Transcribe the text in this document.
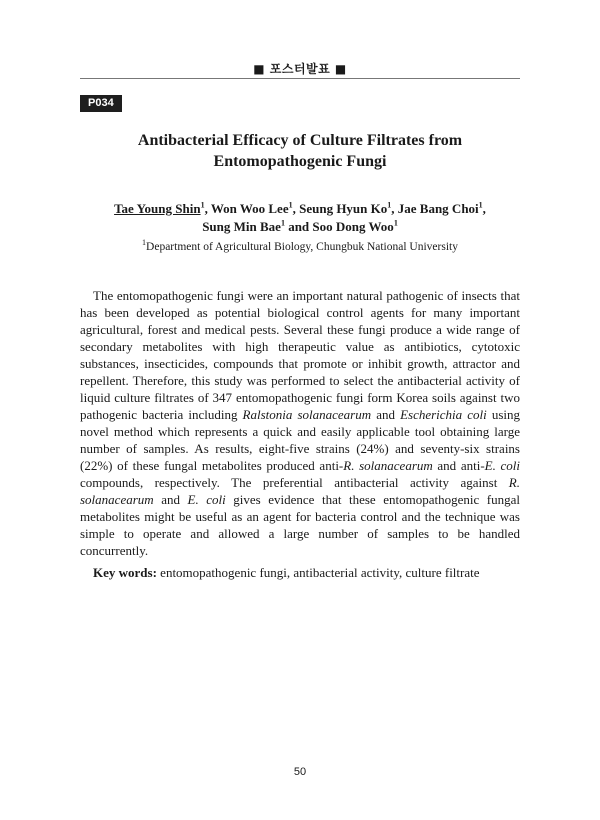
■ 포스터발표 ■
P034
Antibacterial Efficacy of Culture Filtrates from
Entomopathogenic Fungi
Tae Young Shin$^1$, Won Woo Lee$^1$, Seung Hyun Ko$^1$, Jae Bang Choi$^1$,
Sung Min Bae$^1$ and Soo Dong Woo$^1$
$^1$Department of Agricultural Biology, Chungbuk National University

The entomopathogenic fungi were an important natural pathogenic of insects that has been developed as potential biological control agents for many important agricultural, forest and medical pests. Several these fungi produce a wide range of secondary metabolites with high therapeutic value as antibiotics, cytotoxic substances, insecticides, compounds that promote or inhibit growth, attractor and repellent. Therefore, this study was performed to select the antibacterial activity of liquid culture filtrates of 347 entomopathogenic fungi form Korea soils against two pathogenic bacteria including Ralstonia solanacearum and Escherichia coli using novel method which represents a quick and easily applicable tool obtaining large number of samples. As results, eight-five strains (24%) and seventy-six strains (22%) of these fungal metabolites produced anti-R. solanacearum and anti-E. coli compounds, respectively. The preferential antibacterial activity against R. solanacearum and E. coli gives evidence that these entomopathogenic fungal metabolites might be useful as an agent for bacteria control and the technique was simple to operate and allowed a large number of samples to be handled concurrently.

Key words: entomopathogenic fungi, antibacterial activity, culture filtrate

50
